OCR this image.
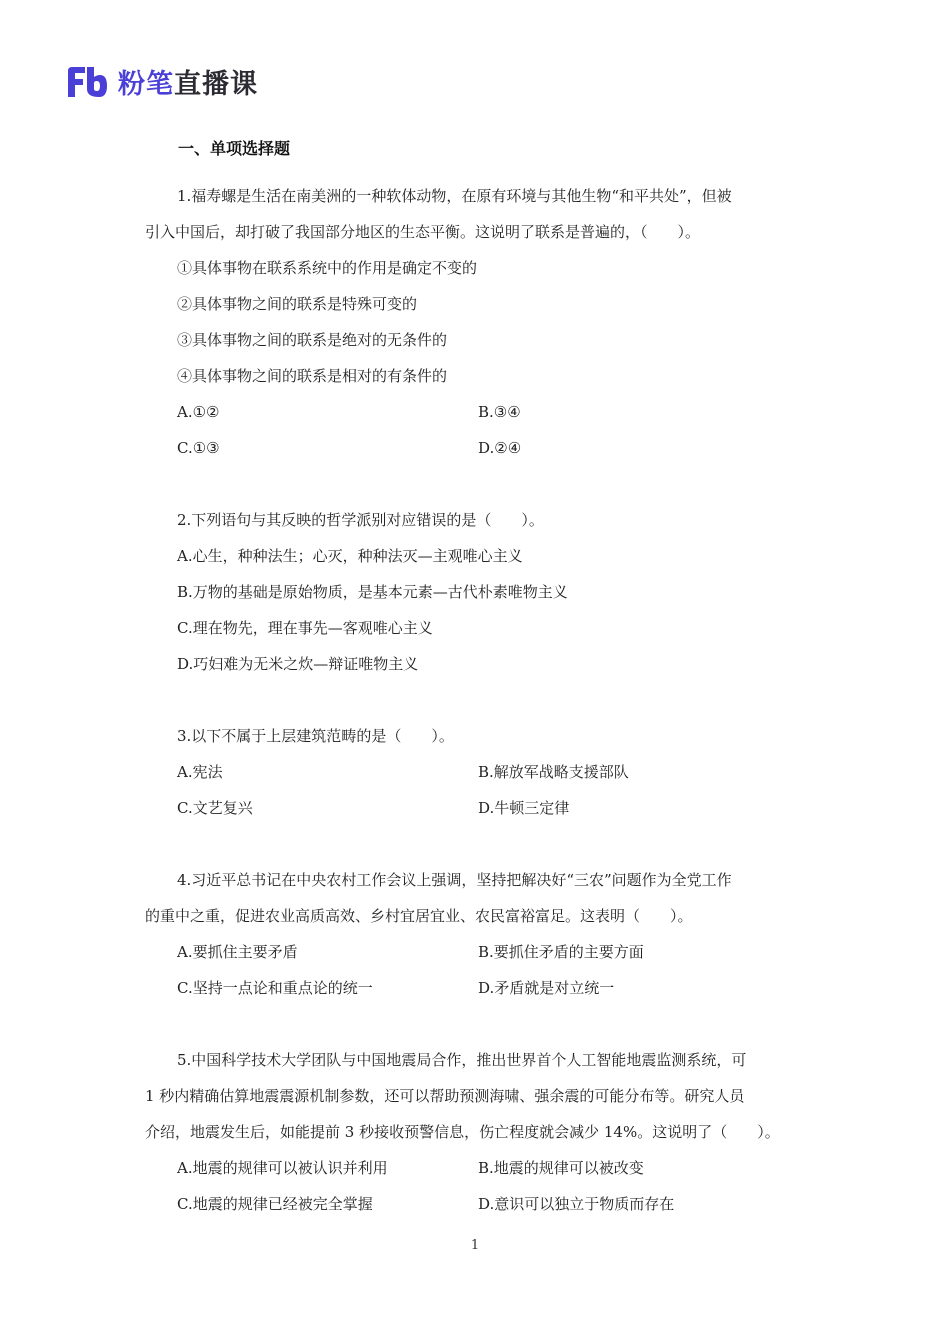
粉笔直播课
一、单项选择题

1.福寿螺是生活在南美洲的一种软体动物，在原有环境与其他生物“和平共处”，但被

引入中国后，却打破了我国部分地区的生态平衡。这说明了联系是普遍的，（　　）。

①具体事物在联系系统中的作用是确定不变的

②具体事物之间的联系是特殊可变的

③具体事物之间的联系是绝对的无条件的

④具体事物之间的联系是相对的有条件的

A.①②	B.③④
C.①③	D.②④

2.下列语句与其反映的哲学派别对应错误的是（　　）。

A.心生，种种法生；心灭，种种法灭—主观唯心主义

B.万物的基础是原始物质，是基本元素—古代朴素唯物主义

C.理在物先，理在事先—客观唯心主义

D.巧妇难为无米之炊—辩证唯物主义

3.以下不属于上层建筑范畴的是（　　）。

A.宪法	B.解放军战略支援部队
C.文艺复兴	D.牛顿三定律

4.习近平总书记在中央农村工作会议上强调，坚持把解决好“三农”问题作为全党工作

的重中之重，促进农业高质高效、乡村宜居宜业、农民富裕富足。这表明（　　）。

A.要抓住主要矛盾	B.要抓住矛盾的主要方面
C.坚持一点论和重点论的统一	D.矛盾就是对立统一

5.中国科学技术大学团队与中国地震局合作，推出世界首个人工智能地震监测系统，可

1 秒内精确估算地震震源机制参数，还可以帮助预测海啸、强余震的可能分布等。研究人员

介绍，地震发生后，如能提前 3 秒接收预警信息，伤亡程度就会减少 14%。这说明了（　　）。

A.地震的规律可以被认识并利用	B.地震的规律可以被改变
C.地震的规律已经被完全掌握	D.意识可以独立于物质而存在
1
